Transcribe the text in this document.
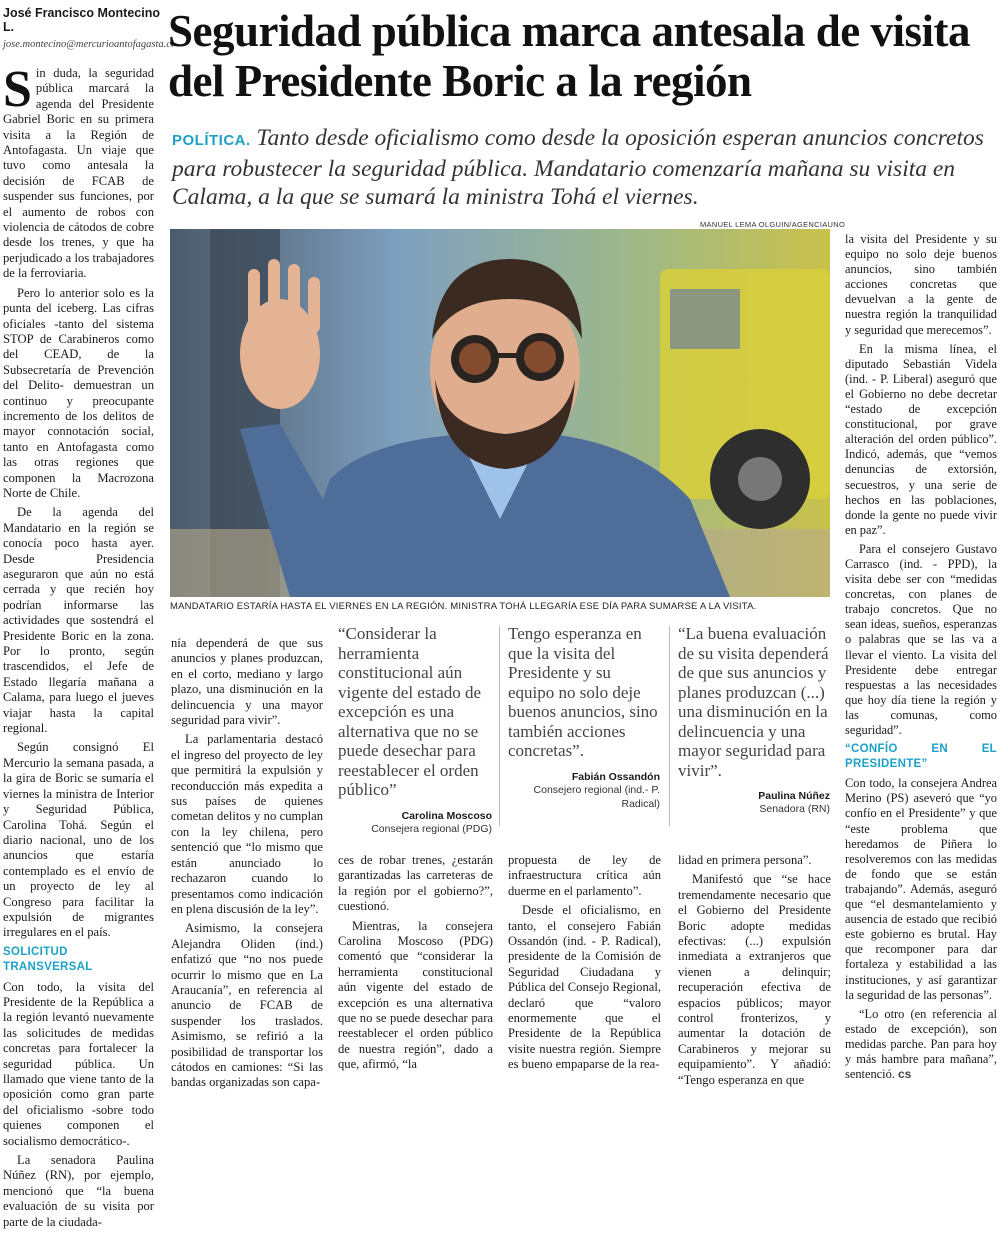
José Francisco Montecino L.
jose.montecino@mercurioantofagasta.cl
Seguridad pública marca antesala de visita del Presidente Boric a la región

POLÍTICA. Tanto desde oficialismo como desde la oposición esperan anuncios concretos para robustecer la seguridad pública. Mandatario comenzaría mañana su visita en Calama, a la que se sumará la ministra Tohá el viernes.

MANUEL LEMA OLGUIN/AGENCIAUNO
MANDATARIO ESTARÍA HASTA EL VIERNES EN LA REGIÓN. MINISTRA TOHÁ LLEGARÍA ESE DÍA PARA SUMARSE A LA VISITA.

Sin duda, la seguridad pública marcará la agenda del Presidente Gabriel Boric en su primera visita a la Región de Antofagasta. Un viaje que tuvo como antesala la decisión de FCAB de suspender sus funciones, por el aumento de robos con violencia de cátodos de cobre desde los trenes, y que ha perjudicado a los trabajadores de la ferroviaria.

Pero lo anterior solo es la punta del iceberg. Las cifras oficiales -tanto del sistema STOP de Carabineros como del CEAD, de la Subsecretaría de Prevención del Delito- demuestran un continuo y preocupante incremento de los delitos de mayor connotación social, tanto en Antofagasta como las otras regiones que componen la Macrozona Norte de Chile.

De la agenda del Mandatario en la región se conocía poco hasta ayer. Desde Presidencia aseguraron que aún no está cerrada y que recién hoy podrían informarse las actividades que sostendrá el Presidente Boric en la zona. Por lo pronto, según trascendidos, el Jefe de Estado llegaría mañana a Calama, para luego el jueves viajar hasta la capital regional.

Según consignó El Mercurio la semana pasada, a la gira de Boric se sumaría el viernes la ministra de Interior y Seguridad Pública, Carolina Tohá. Según el diario nacional, uno de los anuncios que estaría contemplado es el envío de un proyecto de ley al Congreso para facilitar la expulsión de migrantes irregulares en el país.

SOLICITUD TRANSVERSAL

Con todo, la visita del Presidente de la República a la región levantó nuevamente las solicitudes de medidas concretas para fortalecer la seguridad pública. Un llamado que viene tanto de la oposición como gran parte del oficialismo -sobre todo quienes componen el socialismo democrático-.

La senadora Paulina Núñez (RN), por ejemplo, mencionó que “la buena evaluación de su visita por parte de la ciudada-

nía dependerá de que sus anuncios y planes produzcan, en el corto, mediano y largo plazo, una disminución en la delincuencia y una mayor seguridad para vivir”.

La parlamentaria destacó el ingreso del proyecto de ley que permitirá la expulsión y reconducción más expedita a sus países de quienes cometan delitos y no cumplan con la ley chilena, pero sentenció que “lo mismo que están anunciado lo rechazaron cuando lo presentamos como indicación en plena discusión de la ley”.

Asimismo, la consejera Alejandra Oliden (ind.) enfatizó que “no nos puede ocurrir lo mismo que en La Araucanía”, en referencia al anuncio de FCAB de suspender los traslados. Asimismo, se refirió a la posibilidad de transportar los cátodos en camiones: “Si las bandas organizadas son capa-

“Considerar la herramienta constitucional aún vigente del estado de excepción es una alternativa que no se puede desechar para reestablecer el orden público”
Carolina Moscoso
Consejera regional (PDG)
Tengo esperanza en que la visita del Presidente y su equipo no solo deje buenos anuncios, sino también acciones concretas”.
Fabián Ossandón
Consejero regional (ind.- P. Radical)
“La buena evaluación de su visita dependerá de que sus anuncios y planes produzcan (...) una disminución en la delincuencia y una mayor seguridad para vivir”.
Paulina Núñez
Senadora (RN)

ces de robar trenes, ¿estarán garantizadas las carreteras de la región por el gobierno?”, cuestionó.

Mientras, la consejera Carolina Moscoso (PDG) comentó que “considerar la herramienta constitucional aún vigente del estado de excepción es una alternativa que no se puede desechar para reestablecer el orden público de nuestra región”, dado a que, afirmó, “la

propuesta de ley de infraestructura crítica aún duerme en el parlamento”.

Desde el oficialismo, en tanto, el consejero Fabián Ossandón (ind. - P. Radical), presidente de la Comisión de Seguridad Ciudadana y Pública del Consejo Regional, declaró que “valoro enormemente que el Presidente de la República visite nuestra región. Siempre es bueno empaparse de la rea-

lidad en primera persona”.

Manifestó que “se hace tremendamente necesario que el Gobierno del Presidente Boric adopte medidas efectivas: (...) expulsión inmediata a extranjeros que vienen a delinquir; recuperación efectiva de espacios públicos; mayor control fronterizos, y aumentar la dotación de Carabineros y mejorar su equipamiento”. Y añadió: “Tengo esperanza en que

la visita del Presidente y su equipo no solo deje buenos anuncios, sino también acciones concretas que devuelvan a la gente de nuestra región la tranquilidad y seguridad que merecemos”.

En la misma línea, el diputado Sebastián Videla (ind. - P. Liberal) aseguró que el Gobierno no debe decretar “estado de excepción constitucional, por grave alteración del orden público”. Indicó, además, que “vemos denuncias de extorsión, secuestros, y una serie de hechos en las poblaciones, donde la gente no puede vivir en paz”.

Para el consejero Gustavo Carrasco (ind. - PPD), la visita debe ser con “medidas concretas, con planes de trabajo concretos. Que no sean ideas, sueños, esperanzas o palabras que se las va a llevar el viento. La visita del Presidente debe entregar respuestas a las necesidades que hoy día tiene la región y las comunas, como seguridad”.

“CONFÍO EN EL PRESIDENTE”

Con todo, la consejera Andrea Merino (PS) aseveró que “yo confío en el Presidente” y que “este problema que heredamos de Piñera lo resolveremos con las medidas de fondo que se están trabajando”. Además, aseguró que “el desmantelamiento y ausencia de estado que recibió este gobierno es brutal. Hay que recomponer para dar fortaleza y estabilidad a las instituciones, y así garantizar la seguridad de las personas”.

“Lo otro (en referencia al estado de excepción), son medidas parche. Pan para hoy y más hambre para mañana”, sentenció. cs
